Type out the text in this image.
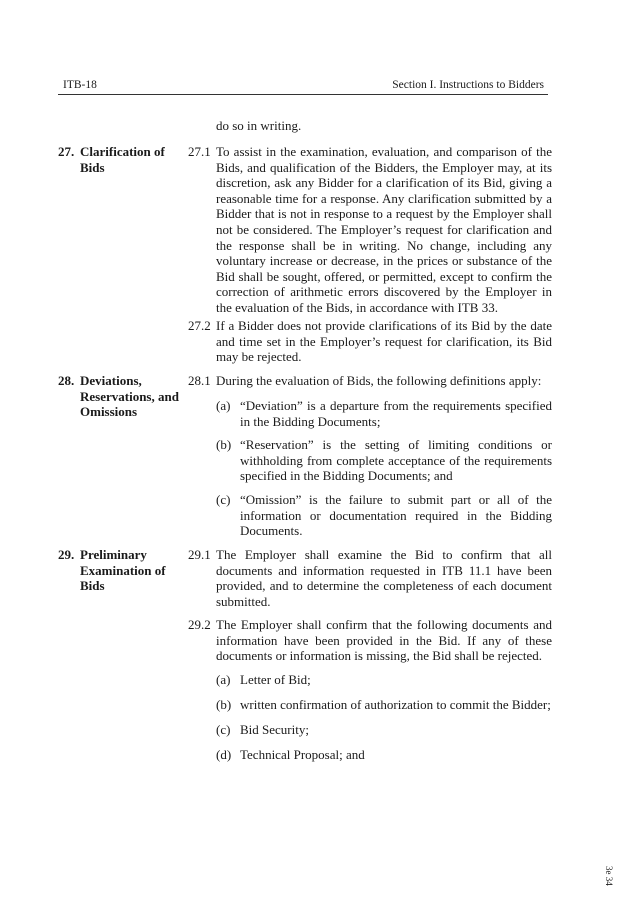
ITB-18	Section I. Instructions to Bidders
do so in writing.
27. Clarification of Bids
27.1 To assist in the examination, evaluation, and comparison of the Bids, and qualification of the Bidders, the Employer may, at its discretion, ask any Bidder for a clarification of its Bid, giving a reasonable time for a response. Any clarification submitted by a Bidder that is not in response to a request by the Employer shall not be considered. The Employer’s request for clarification and the response shall be in writing. No change, including any voluntary increase or decrease, in the prices or substance of the Bid shall be sought, offered, or permitted, except to confirm the correction of arithmetic errors discovered by the Employer in the evaluation of the Bids, in accordance with ITB 33.
27.2 If a Bidder does not provide clarifications of its Bid by the date and time set in the Employer’s request for clarification, its Bid may be rejected.
28. Deviations, Reservations, and Omissions
28.1 During the evaluation of Bids, the following definitions apply:
(a) “Deviation” is a departure from the requirements specified in the Bidding Documents;
(b) “Reservation” is the setting of limiting conditions or withholding from complete acceptance of the requirements specified in the Bidding Documents; and
(c) “Omission” is the failure to submit part or all of the information or documentation required in the Bidding Documents.
29. Preliminary Examination of Bids
29.1 The Employer shall examine the Bid to confirm that all documents and information requested in ITB 11.1 have been provided, and to determine the completeness of each document submitted.
29.2 The Employer shall confirm that the following documents and information have been provided in the Bid. If any of these documents or information is missing, the Bid shall be rejected.
(a) Letter of Bid;
(b) written confirmation of authorization to commit the Bidder;
(c) Bid Security;
(d) Technical Proposal; and
3e 34
